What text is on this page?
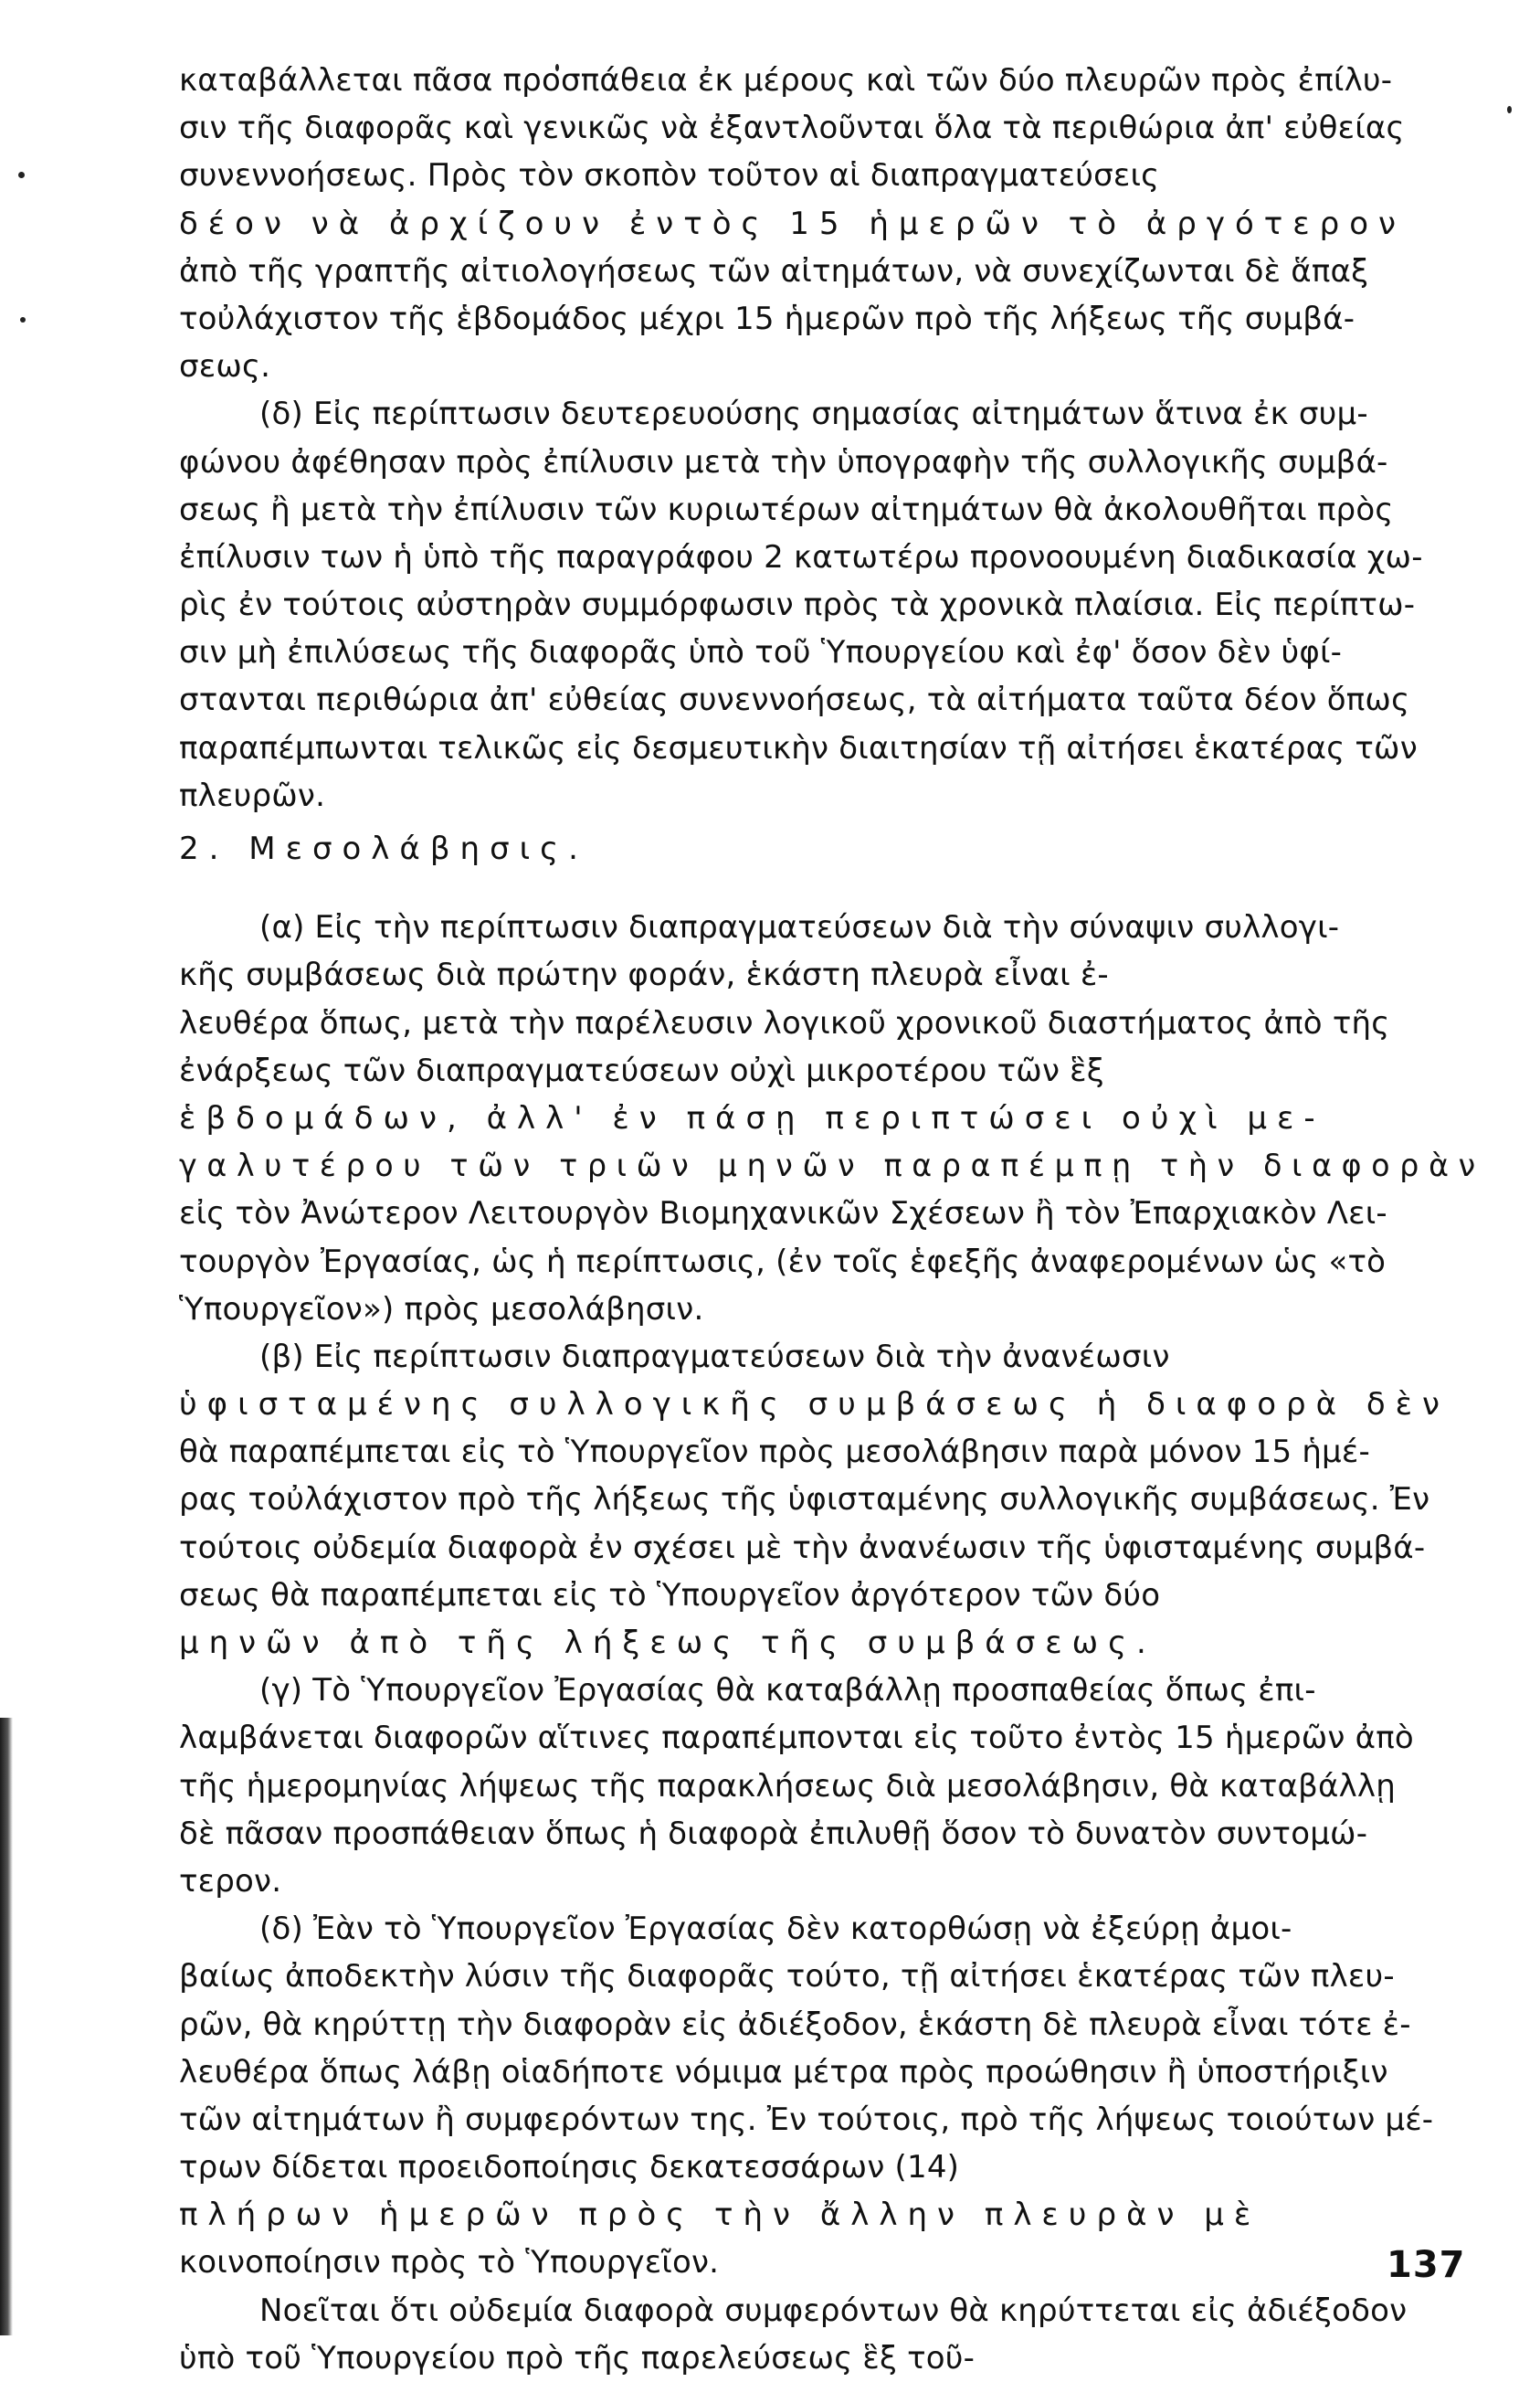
καταβάλλεται πᾶσα προσπάθεια ἐκ μέρους καὶ τῶν δύο πλευρῶν πρὸς ἐπίλυ-
σιν τῆς διαφορᾶς καὶ γενικῶς νὰ ἐξαντλοῦνται ὅλα τὰ περιθώρια ἀπ' εὐθείας
συνεννοήσεως. Πρὸς τὸν σκοπὸν τοῦτον αἱ διαπραγματεύσεις
δέον νὰ ἀρχίζουν ἐντὸς 15 ἡμερῶν τὸ ἀργότερον
ἀπὸ τῆς γραπτῆς αἰτιολογήσεως τῶν αἰτημάτων, νὰ συνεχίζωνται δὲ ἅπαξ
τοὐλάχιστον τῆς ἑβδομάδος μέχρι 15 ἡμερῶν πρὸ τῆς λήξεως τῆς συμβά-
σεως.
(δ) Εἰς περίπτωσιν δευτερευούσης σημασίας αἰτημάτων ἅτινα ἐκ συμ-
φώνου ἀφέθησαν πρὸς ἐπίλυσιν μετὰ τὴν ὑπογραφὴν τῆς συλλογικῆς συμβά-
σεως ἢ μετὰ τὴν ἐπίλυσιν τῶν κυριωτέρων αἰτημάτων θὰ ἀκολουθῆται πρὸς
ἐπίλυσιν των ἡ ὑπὸ τῆς παραγράφου 2 κατωτέρω προνοουμένη διαδικασία χω-
ρὶς ἐν τούτοις αὐστηρὰν συμμόρφωσιν πρὸς τὰ χρονικὰ πλαίσια. Εἰς περίπτω-
σιν μὴ ἐπιλύσεως τῆς διαφορᾶς ὑπὸ τοῦ Ὑπουργείου καὶ ἐφ' ὅσον δὲν ὑφί-
στανται περιθώρια ἀπ' εὐθείας συνεννοήσεως, τὰ αἰτήματα ταῦτα δέον ὅπως
παραπέμπωνται τελικῶς εἰς δεσμευτικὴν διαιτησίαν τῇ αἰτήσει ἑκατέρας τῶν
πλευρῶν.
2. Μεσολάβησις.
(α) Εἰς τὴν περίπτωσιν διαπραγματεύσεων διὰ τὴν σύναψιν συλλογι-
κῆς συμβάσεως διὰ πρώτην φοράν, ἑκάστη πλευρὰ εἶναι ἐ-
λευθέρα ὅπως, μετὰ τὴν παρέλευσιν λογικοῦ χρονικοῦ διαστήματος ἀπὸ τῆς
ἐνάρξεως τῶν διαπραγματεύσεων οὐχὶ μικροτέρου τῶν ἓξ
ἑβδομάδων, ἀλλ' ἐν πάσῃ περιπτώσει οὐχὶ με-
γαλυτέρου τῶν τριῶν μηνῶν παραπέμπῃ τὴν διαφορὰν
εἰς τὸν Ἀνώτερον Λειτουργὸν Βιομηχανικῶν Σχέσεων ἢ τὸν Ἐπαρχιακὸν Λει-
τουργὸν Ἐργασίας, ὡς ἡ περίπτωσις, (ἐν τοῖς ἑφεξῆς ἀναφερομένων ὡς «τὸ
Ὑπουργεῖον») πρὸς μεσολάβησιν.
(β) Εἰς περίπτωσιν διαπραγματεύσεων διὰ τὴν ἀνανέωσιν
ὑφισταμένης συλλογικῆς συμβάσεως ἡ διαφορὰ δὲν
θὰ παραπέμπεται εἰς τὸ Ὑπουργεῖον πρὸς μεσολάβησιν παρὰ μόνον 15 ἡμέ-
ρας τοὐλάχιστον πρὸ τῆς λήξεως τῆς ὑφισταμένης συλλογικῆς συμβάσεως. Ἐν
τούτοις οὐδεμία διαφορὰ ἐν σχέσει μὲ τὴν ἀνανέωσιν τῆς ὑφισταμένης συμβά-
σεως θὰ παραπέμπεται εἰς τὸ Ὑπουργεῖον ἀργότερον τῶν δύο
μηνῶν ἀπὸ τῆς λήξεως τῆς συμβάσεως.
(γ) Τὸ Ὑπουργεῖον Ἐργασίας θὰ καταβάλλῃ προσπαθείας ὅπως ἐπι-
λαμβάνεται διαφορῶν αἵτινες παραπέμπονται εἰς τοῦτο ἐντὸς 15 ἡμερῶν ἀπὸ
τῆς ἡμερομηνίας λήψεως τῆς παρακλήσεως διὰ μεσολάβησιν, θὰ καταβάλλῃ
δὲ πᾶσαν προσπάθειαν ὅπως ἡ διαφορὰ ἐπιλυθῇ ὅσον τὸ δυνατὸν συντομώ-
τερον.
(δ) Ἐὰν τὸ Ὑπουργεῖον Ἐργασίας δὲν κατορθώσῃ νὰ ἐξεύρῃ ἀμοι-
βαίως ἀποδεκτὴν λύσιν τῆς διαφορᾶς τούτο, τῇ αἰτήσει ἑκατέρας τῶν πλευ-
ρῶν, θὰ κηρύττῃ τὴν διαφορὰν εἰς ἀδιέξοδον, ἑκάστη δὲ πλευρὰ εἶναι τότε ἐ-
λευθέρα ὅπως λάβῃ οἱαδήποτε νόμιμα μέτρα πρὸς προώθησιν ἢ ὑποστήριξιν
τῶν αἰτημάτων ἢ συμφερόντων της. Ἐν τούτοις, πρὸ τῆς λήψεως τοιούτων μέ-
τρων δίδεται προειδοποίησις δεκατεσσάρων (14)
πλήρων ἡμερῶν πρὸς τὴν ἄλλην πλευρὰν μὲ
κοινοποίησιν πρὸς τὸ Ὑπουργεῖον.
Νοεῖται ὅτι οὐδεμία διαφορὰ συμφερόντων θὰ κηρύττεται εἰς ἀδιέξοδον
ὑπὸ τοῦ Ὑπουργείου πρὸ τῆς παρελεύσεως ἓξ τοῦ-
137
